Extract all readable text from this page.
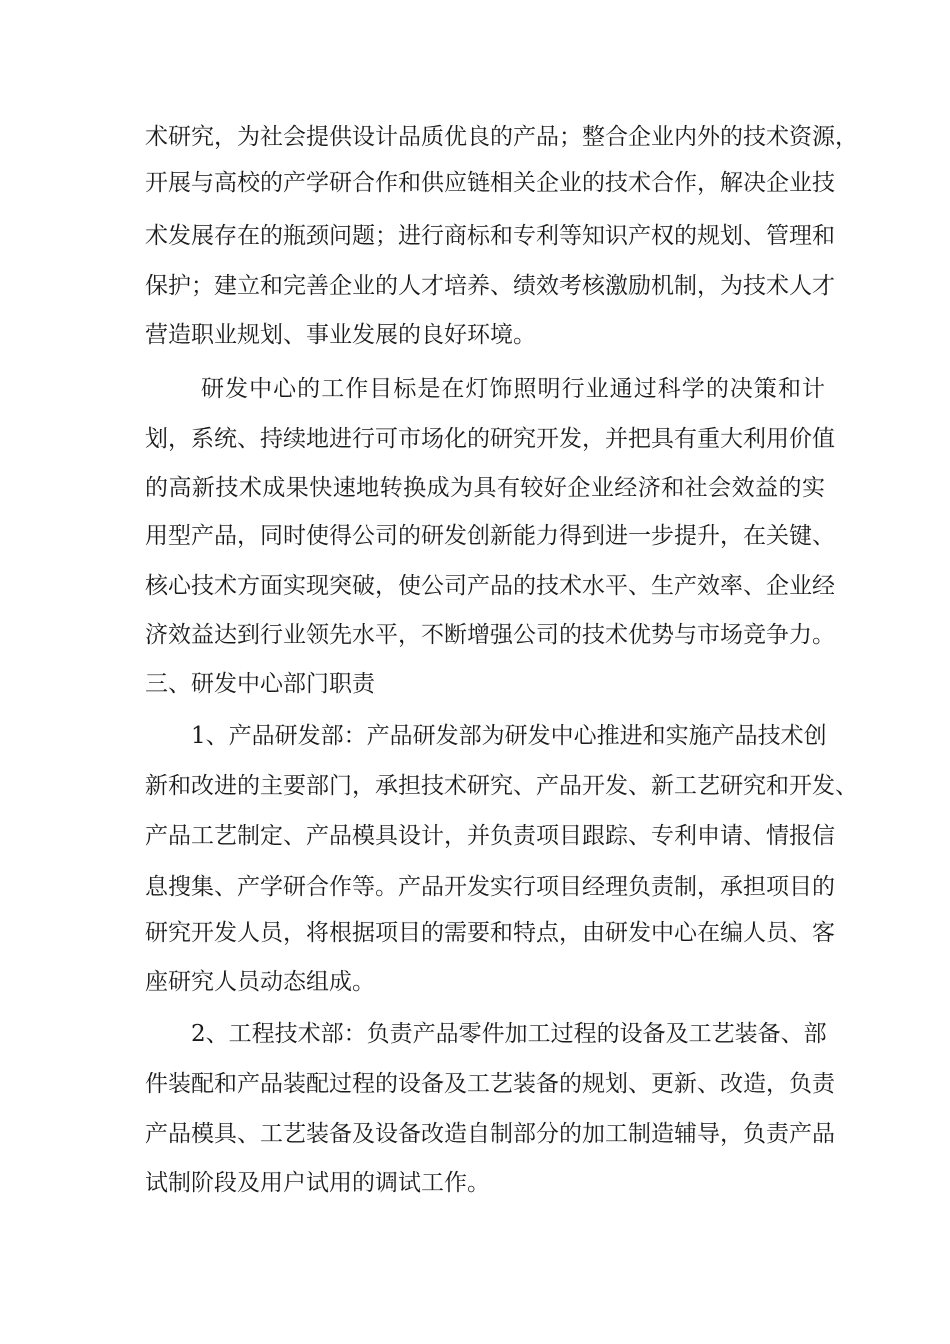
术研究，为社会提供设计品质优良的产品；整合企业内外的技术资源，
开展与高校的产学研合作和供应链相关企业的技术合作，解决企业技
术发展存在的瓶颈问题；进行商标和专利等知识产权的规划、管理和
保护；建立和完善企业的人才培养、绩效考核激励机制，为技术人才
营造职业规划、事业发展的良好环境。
研发中心的工作目标是在灯饰照明行业通过科学的决策和计
划，系统、持续地进行可市场化的研究开发，并把具有重大利用价值
的高新技术成果快速地转换成为具有较好企业经济和社会效益的实
用型产品，同时使得公司的研发创新能力得到进一步提升，在关键、
核心技术方面实现突破，使公司产品的技术水平、生产效率、企业经
济效益达到行业领先水平，不断增强公司的技术优势与市场竞争力。
三、研发中心部门职责
1、产品研发部：产品研发部为研发中心推进和实施产品技术创
新和改进的主要部门，承担技术研究、产品开发、新工艺研究和开发、
产品工艺制定、产品模具设计，并负责项目跟踪、专利申请、情报信
息搜集、产学研合作等。产品开发实行项目经理负责制，承担项目的
研究开发人员，将根据项目的需要和特点，由研发中心在编人员、客
座研究人员动态组成。
2、工程技术部：负责产品零件加工过程的设备及工艺装备、部
件装配和产品装配过程的设备及工艺装备的规划、更新、改造，负责
产品模具、工艺装备及设备改造自制部分的加工制造辅导，负责产品
试制阶段及用户试用的调试工作。
